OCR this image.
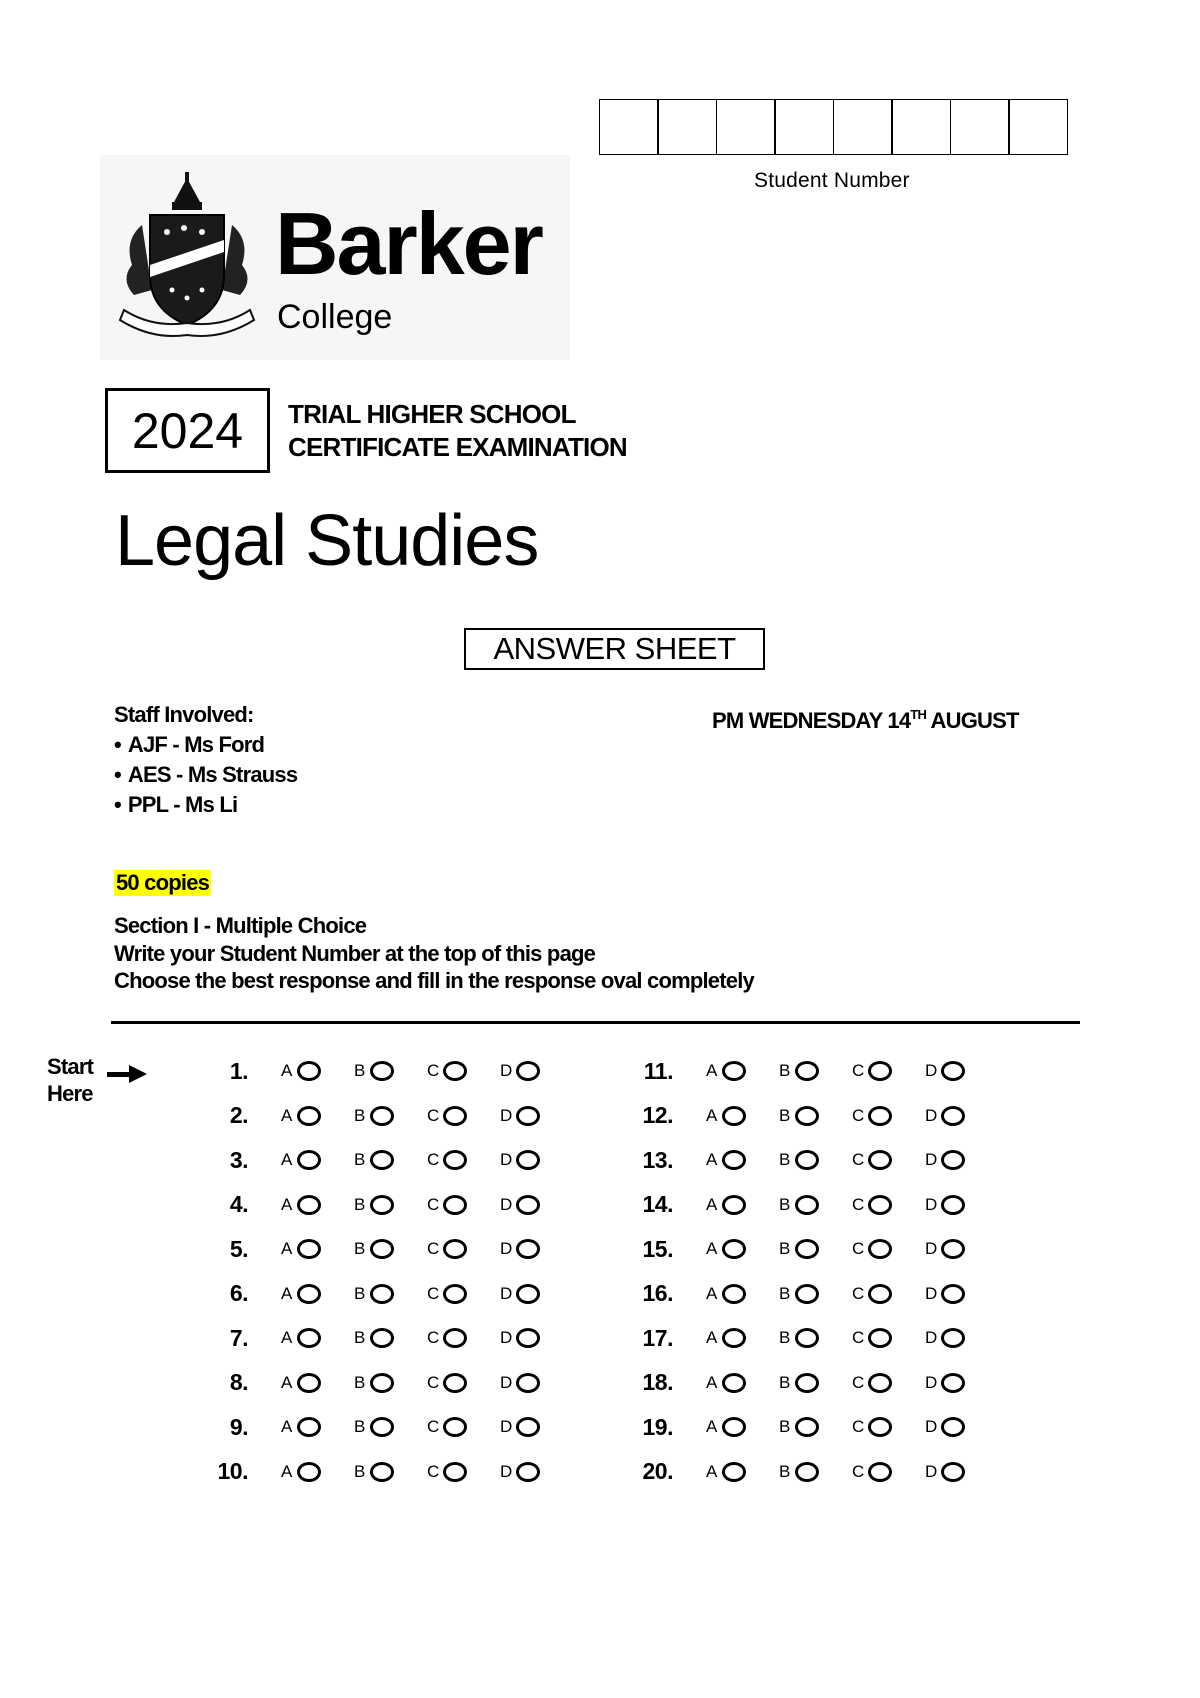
Student Number
Barker
College
2024	TRIAL HIGHER SCHOOL
CERTIFICATE EXAMINATION
Legal Studies
ANSWER SHEET
Staff Involved:
• AJF - Ms Ford
• AES - Ms Strauss
• PPL - Ms Li
PM WEDNESDAY 14TH AUGUST
50 copies
Section I - Multiple Choice
Write your Student Number at the top of this page
Choose the best response and fill in the response oval completely
Start
Here
1. A	B	C	D
2. A	B	C	D
3. A	B	C	D
4. A	B	C	D
5. A	B	C	D
6. A	B	C	D
7. A	B	C	D
8. A	B	C	D
9. A	B	C	D
10. A	B	C	D
11. A	B	C	D
12. A	B	C	D
13. A	B	C	D
14. A	B	C	D
15. A	B	C	D
16. A	B	C	D
17. A	B	C	D
18. A	B	C	D
19. A	B	C	D
20. A	B	C	D
